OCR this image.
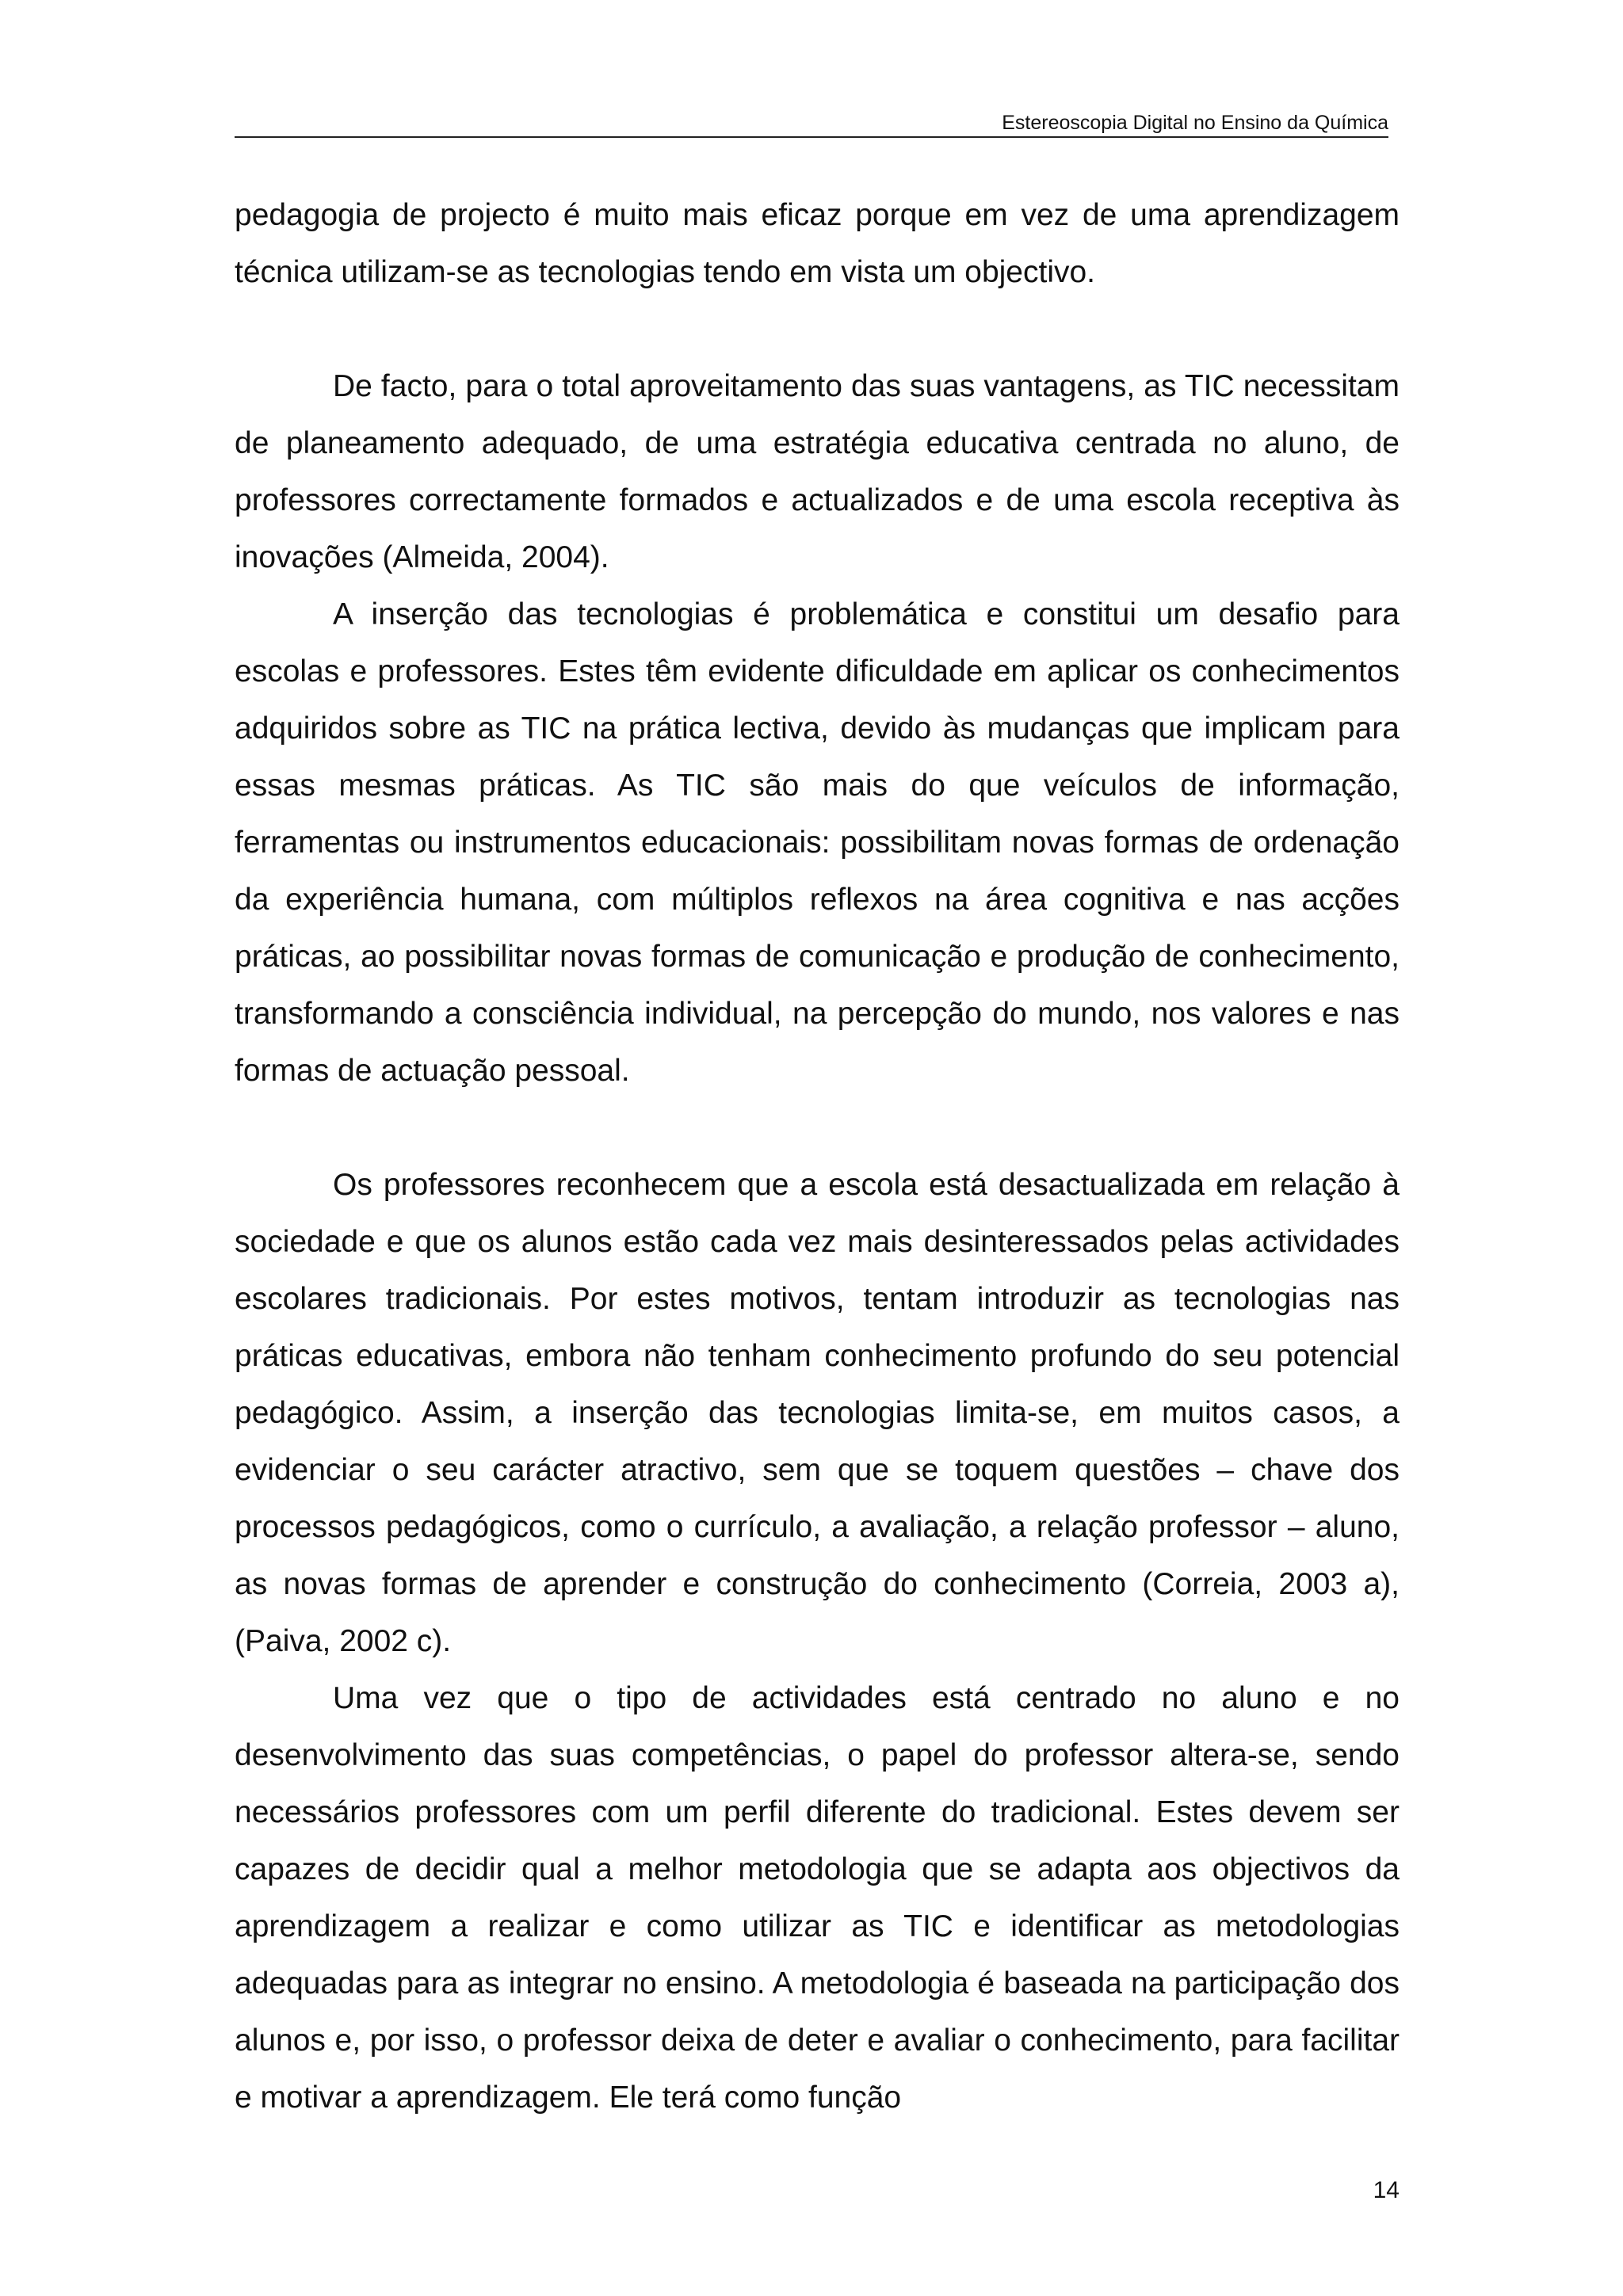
Estereoscopia Digital no Ensino da Química

pedagogia de projecto é muito mais eficaz porque em vez de uma aprendizagem técnica utilizam-se as tecnologias tendo em vista um objectivo.

De facto, para o total aproveitamento das suas vantagens, as TIC necessitam de planeamento adequado, de uma estratégia educativa centrada no aluno, de professores correctamente formados e actualizados e de uma escola receptiva às inovações (Almeida, 2004).

A inserção das tecnologias é problemática e constitui um desafio para escolas e professores. Estes têm evidente dificuldade em aplicar os conhecimentos adquiridos sobre as TIC na prática lectiva, devido às mudanças que implicam para essas mesmas práticas. As TIC são mais do que veículos de informação, ferramentas ou instrumentos educacionais: possibilitam novas formas de ordenação da experiência humana, com múltiplos reflexos na área cognitiva e nas acções práticas, ao possibilitar novas formas de comunicação e produção de conhecimento, transformando a consciência individual, na percepção do mundo, nos valores e nas formas de actuação pessoal.

Os professores reconhecem que a escola está desactualizada em relação à sociedade e que os alunos estão cada vez mais desinteressados pelas actividades escolares tradicionais. Por estes motivos, tentam introduzir as tecnologias nas práticas educativas, embora não tenham conhecimento profundo do seu potencial pedagógico. Assim, a inserção das tecnologias limita-se, em muitos casos, a evidenciar o seu carácter atractivo, sem que se toquem questões – chave dos processos pedagógicos, como o currículo, a avaliação, a relação professor – aluno, as novas formas de aprender e construção do conhecimento (Correia, 2003 a), (Paiva, 2002 c).

Uma vez que o tipo de actividades está centrado no aluno e no desenvolvimento das suas competências, o papel do professor altera-se, sendo necessários professores com um perfil diferente do tradicional. Estes devem ser capazes de decidir qual a melhor metodologia que se adapta aos objectivos da aprendizagem a realizar e como utilizar as TIC e identificar as metodologias adequadas para as integrar no ensino. A metodologia é baseada na participação dos alunos e, por isso, o professor deixa de deter e avaliar o conhecimento, para facilitar e motivar a aprendizagem. Ele terá como função

14
